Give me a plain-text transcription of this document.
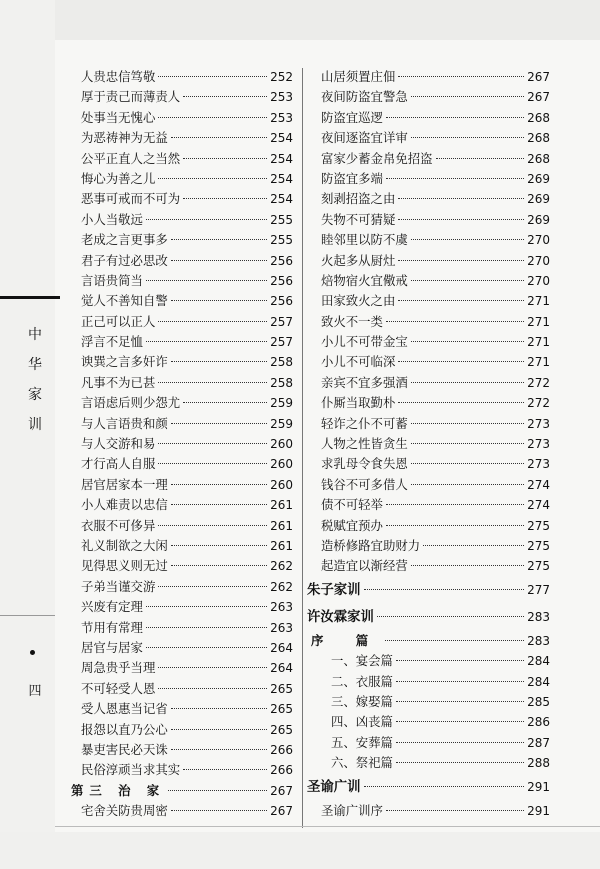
中华家训
四
人贵忠信笃敬	252
厚于责己而薄责人	253
处事当无愧心	253
为恶祷神为无益	254
公平正直人之当然	254
悔心为善之儿	254
恶事可戒而不可为	254
小人当敬远	255
老成之言更事多	255
君子有过必思改	256
言语贵简当	256
觉人不善知自警	256
正己可以正人	257
浮言不足恤	257
谀巽之言多奸诈	258
凡事不为已甚	258
言语虑后则少怨尤	259
与人言语贵和颜	259
与人交游和易	260
才行高人自服	260
居官居家本一理	260
小人难责以忠信	261
衣服不可侈异	261
礼义制欲之大闲	261
见得思义则无过	262
子弟当谨交游	262
兴废有定理	263
节用有常理	263
居官与居家	264
周急贵乎当理	264
不可轻受人恩	265
受人恩惠当记省	265
报怨以直乃公心	265
暴吏害民必天诛	266
民俗淳顽当求其实	266
第三 治 家	267
宅舍关防贵周密	267
山居须置庄佃	267
夜间防盗宜警急	267
防盗宜巡逻	268
夜间逐盗宜详审	268
富家少蓄金帛免招盗	268
防盗宜多端	269
刻剥招盗之由	269
失物不可猜疑	269
睦邻里以防不虞	270
火起多从厨灶	270
焙物宿火宜儆戒	270
田家致火之由	271
致火不一类	271
小儿不可带金宝	271
小儿不可临深	271
亲宾不宜多强酒	272
仆厮当取勤朴	272
轻诈之仆不可蓄	273
人物之性皆贪生	273
求乳母令食失恩	273
钱谷不可多借人	274
债不可轻举	274
税赋宜预办	275
造桥修路宜助财力	275
起造宜以渐经营	275
朱子家训	277
许汝霖家训	283
序 篇	283
一、宴会篇	284
二、衣服篇	284
三、嫁娶篇	285
四、凶丧篇	286
五、安葬篇	287
六、祭祀篇	288
圣谕广训	291
圣谕广训序	291
